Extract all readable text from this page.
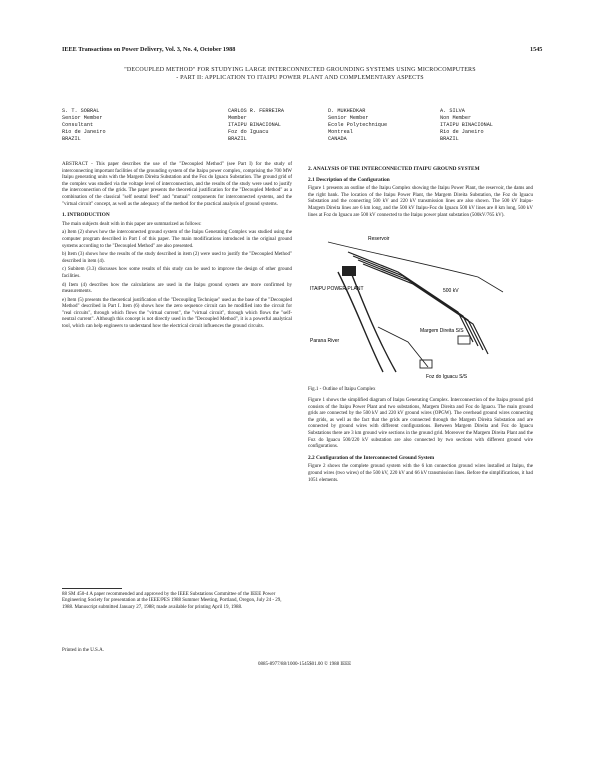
IEEE Transactions on Power Delivery, Vol. 3, No. 4, October 1988	1545
"DECOUPLED METHOD" FOR STUDYING LARGE INTERCONNECTED GROUNDING SYSTEMS USING MICROCOMPUTERS
- PART II: APPLICATION TO ITAIPU POWER PLANT AND COMPLEMENTARY ASPECTS
S. T. SOBRAL
Senior Member
Consultant
Rio de Janeiro
BRAZIL
CARLOS R. FERREIRA
Member
ITAIPU BINACIONAL
Foz do Iguacu
BRAZIL
D. MUKHEDKAR
Senior Member
Ecole Polytechnique
Montreal
CANADA
A. SILVA
Non Member
ITAIPU BINACIONAL
Rio de Janeiro
BRAZIL

ABSTRACT - This paper describes the use of the "Decoupled Method" (see Part I) for the study of interconnecting important facilities of the grounding system of the Itaipu power complex, comprising the 700 MW Itaipu generating units with the Margem Direita Substation and the Foz do Iguacu Substation. The ground grid of the complex was studied via the voltage level of interconnection, and the results of the study were used to justify the interconnection of the grids. The paper presents the theoretical justification for the "Decoupled Method" as a combination of the classical "self neutral feed" and "mutual" components for interconnected systems, and the "virtual circuit" concept, as well as the adequacy of the method for the practical analysis of ground systems.

1. INTRODUCTION

The main subjects dealt with in this paper are summarized as follows:

a) Item (2) shows how the interconnected ground system of the Itaipu Generating Complex was studied using the computer program described in Part I of this paper. The main modifications introduced in the original ground systems according to the "Decoupled Method" are also presented.

b) Item (3) shows how the results of the study described in item (2) were used to justify the "Decoupled Method" described in item (4).

c) Subitem (3.3) discusses how some results of this study can be used to improve the design of other ground facilities.

d) Item (4) describes how the calculations are used in the Itaipu ground system are more confirmed by measurements.

e) Item (5) presents the theoretical justification of the "Decoupling Technique" used as the base of the "Decoupled Method" described in Part I. Item (6) shows how the zero sequence circuit can be modified into the circuit for "real circuits", through which flows the "virtual current", the "virtual circuit", through which flows the "self-neutral current". Although this concept is not directly used in the "Decoupled Method", it is a powerful analytical tool, which can help engineers to understand how the electrical circuit influences the ground circuits.

88 SM 450-4 A paper recommended and approved by the IEEE Substations Committee of the IEEE Power Engineering Society for presentation at the IEEE/PES 1988 Summer Meeting, Portland, Oregon, July 24 - 29, 1988. Manuscript submitted January 27, 1988; made available for printing April 19, 1988.
Printed in the U.S.A.
2. ANALYSIS OF THE INTERCONNECTED ITAIPU GROUND SYSTEM
2.1 Description of the Configuration

Figure 1 presents an outline of the Itaipu Complex showing the Itaipu Power Plant, the reservoir, the dams and the right bank. The location of the Itaipu Power Plant, the Margem Direita Substation, the Foz do Iguacu Substation and the connecting 500 kV and 220 kV transmission lines are also shown. The 500 kV Itaipu-Margem Direita lines are 6 km long, and the 500 kV Itaipu-Foz do Iguacu 500 kV lines are 8 km long, 500 kV lines at Foz do Iguacu are 500 kV connected to the Itaipu power plant substation (500kV/765 kV).

Reservoir
ITAIPU POWER PLANT	500 kV
Margem Direita S/S
Foz do Iguacu S/S
Parana River
Fig.1 - Outline of Itaipu Complex

Figure 1 shows the simplified diagram of Itaipu Generating Complex. Interconnection of the Itaipu ground grid consists of the Itaipu Power Plant and two substations, Margem Direita and Foz do Iguacu. The main ground grids are connected by the 500 kV and 220 kV ground wires (OPGW). The overhead ground wires connecting the grids, as well as the fact that the grids are connected through the Margem Direita Substation and are connected by ground wires with different configurations. Between Margem Direita and Foz do Iguacu Substations there are 3 km ground wire sections in the ground grid. Moreover the Margem Direita Plant and the Foz do Iguacu 500/220 kV substation are also connected by two sections with different ground wire configurations.

2.2 Configuration of the Interconnected Ground System

Figure 2 shows the complete ground system with the 6 km connection ground wires installed at Itaipu, the ground wires (two wires) of the 500 kV, 220 kV and 66 kV transmission lines. Before the simplifications, it had 1051 elements.

0885-8977/88/1000-1545$01.00 © 1988 IEEE
